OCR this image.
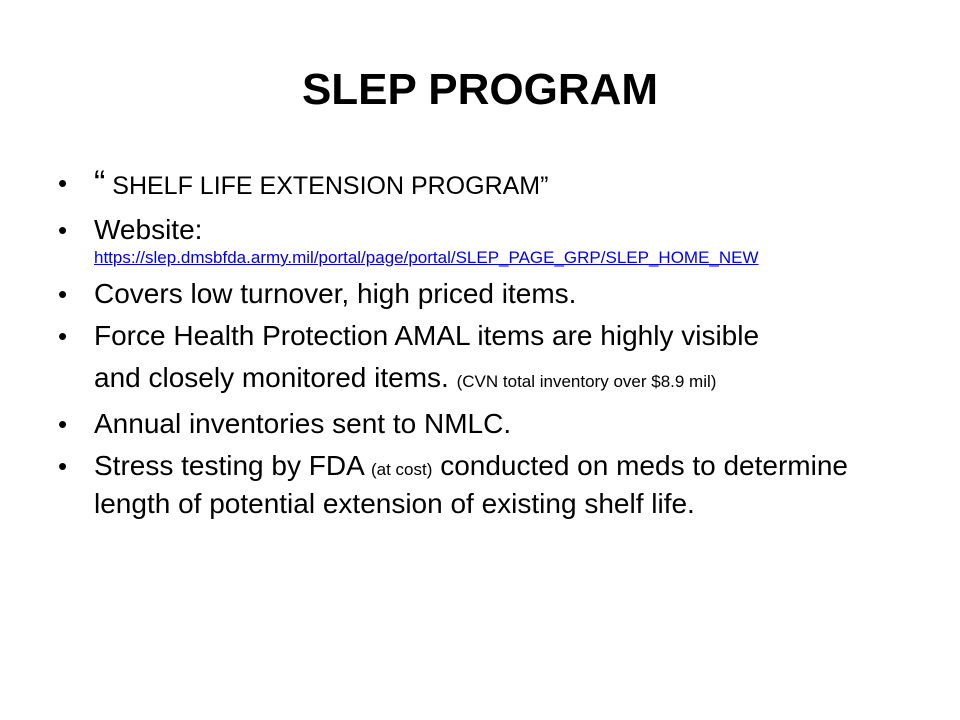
SLEP PROGRAM
• “ SHELF LIFE EXTENSION PROGRAM”
• Website:
https://slep.dmsbfda.army.mil/portal/page/portal/SLEP_PAGE_GRP/SLEP_HOME_NEW
• Covers low turnover, high priced items.
• Force Health Protection AMAL items are highly visible
and closely monitored items. (CVN total inventory over $8.9 mil)
• Annual inventories sent to NMLC.
• Stress testing by FDA (at cost) conducted on meds to determine length of potential extension of existing shelf life.
